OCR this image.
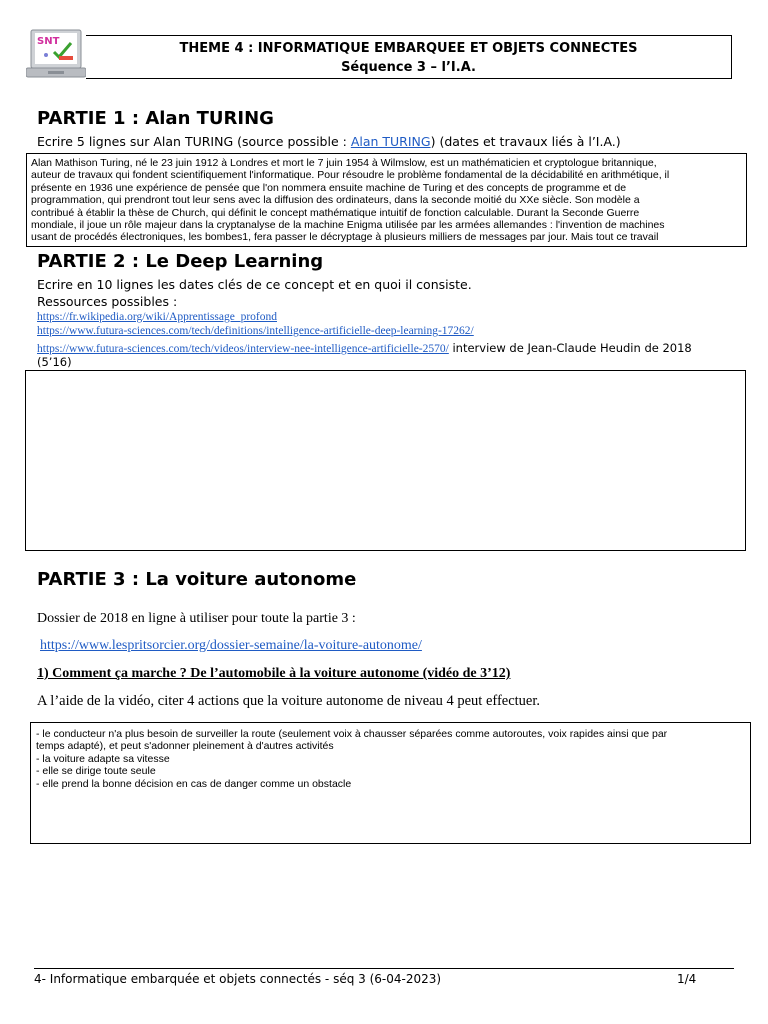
SNT	THEME 4 : INFORMATIQUE EMBARQUEE ET OBJETS CONNECTES
Séquence 3 – l’I.A.
PARTIE 1 : Alan TURING
Ecrire 5 lignes sur Alan TURING (source possible : Alan TURING) (dates et travaux liés à l’I.A.)
Alan Mathison Turing, né le 23 juin 1912 à Londres et mort le 7 juin 1954 à Wilmslow, est un mathématicien et cryptologue britannique,
auteur de travaux qui fondent scientifiquement l'informatique. Pour résoudre le problème fondamental de la décidabilité en arithmétique, il
présente en 1936 une expérience de pensée que l'on nommera ensuite machine de Turing et des concepts de programme et de
programmation, qui prendront tout leur sens avec la diffusion des ordinateurs, dans la seconde moitié du XXe siècle. Son modèle a
contribué à établir la thèse de Church, qui définit le concept mathématique intuitif de fonction calculable. Durant la Seconde Guerre
mondiale, il joue un rôle majeur dans la cryptanalyse de la machine Enigma utilisée par les armées allemandes : l'invention de machines
usant de procédés électroniques, les bombes1, fera passer le décryptage à plusieurs milliers de messages par jour. Mais tout ce travail
PARTIE 2 : Le Deep Learning
Ecrire en 10 lignes les dates clés de ce concept et en quoi il consiste.
Ressources possibles :
https://fr.wikipedia.org/wiki/Apprentissage_profond
https://www.futura-sciences.com/tech/definitions/intelligence-artificielle-deep-learning-17262/
https://www.futura-sciences.com/tech/videos/interview-nee-intelligence-artificielle-2570/ interview de Jean-Claude Heudin de 2018
(5’16)
PARTIE 3 : La voiture autonome
Dossier de 2018 en ligne à utiliser pour toute la partie 3 :
https://www.lespritsorcier.org/dossier-semaine/la-voiture-autonome/
1) Comment ça marche ? De l’automobile à la voiture autonome (vidéo de 3’12)
A l’aide de la vidéo, citer 4 actions que la voiture autonome de niveau 4 peut effectuer.
- le conducteur n'a plus besoin de surveiller la route (seulement voix à chausser séparées comme autoroutes, voix rapides ainsi que par
temps adapté), et peut s'adonner pleinement à d'autres activités
- la voiture adapte sa vitesse
- elle se dirige toute seule
- elle prend la bonne décision en cas de danger comme un obstacle
4- Informatique embarquée et objets connectés - séq 3 (6-04-2023)	1/4
